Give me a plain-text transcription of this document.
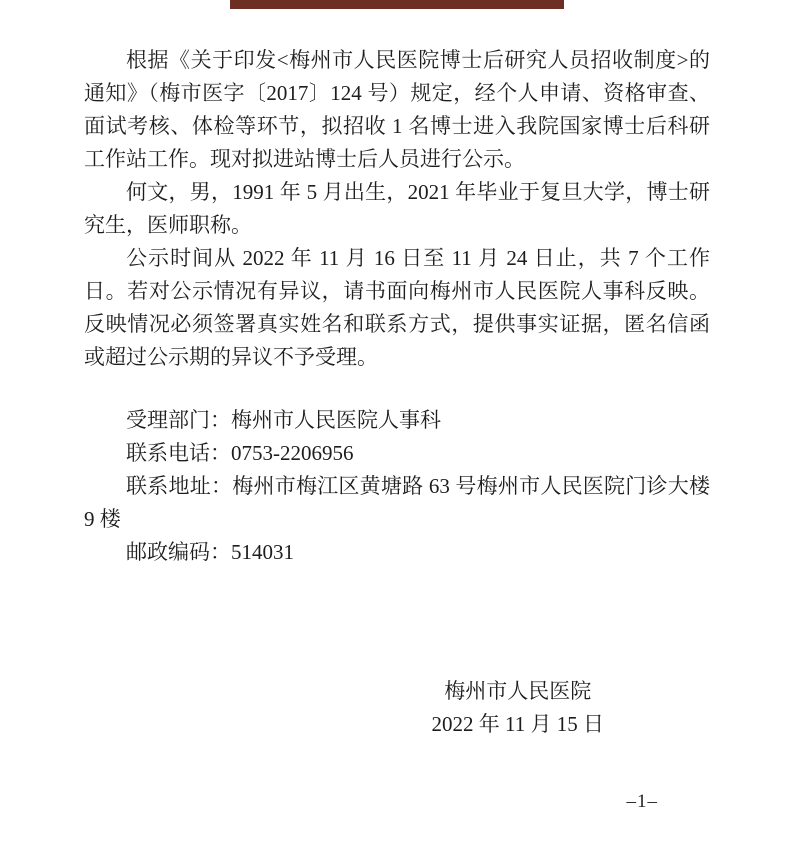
根据《关于印发<梅州市人民医院博士后研究人员招收制度>的通知》（梅市医字〔2017〕124 号）规定，经个人申请、资格审查、面试考核、体检等环节，拟招收 1 名博士进入我院国家博士后科研工作站工作。现对拟进站博士后人员进行公示。

何文，男，1991 年 5 月出生，2021 年毕业于复旦大学，博士研究生，医师职称。

公示时间从 2022 年 11 月 16 日至 11 月 24 日止，共 7 个工作日。若对公示情况有异议，请书面向梅州市人民医院人事科反映。反映情况必须签署真实姓名和联系方式，提供事实证据，匿名信函或超过公示期的异议不予受理。

受理部门：梅州市人民医院人事科

联系电话：0753-2206956

联系地址：梅州市梅江区黄塘路 63 号梅州市人民医院门诊大楼 9 楼

邮政编码：514031

梅州市人民医院
2022 年 11 月 15 日
–1–
